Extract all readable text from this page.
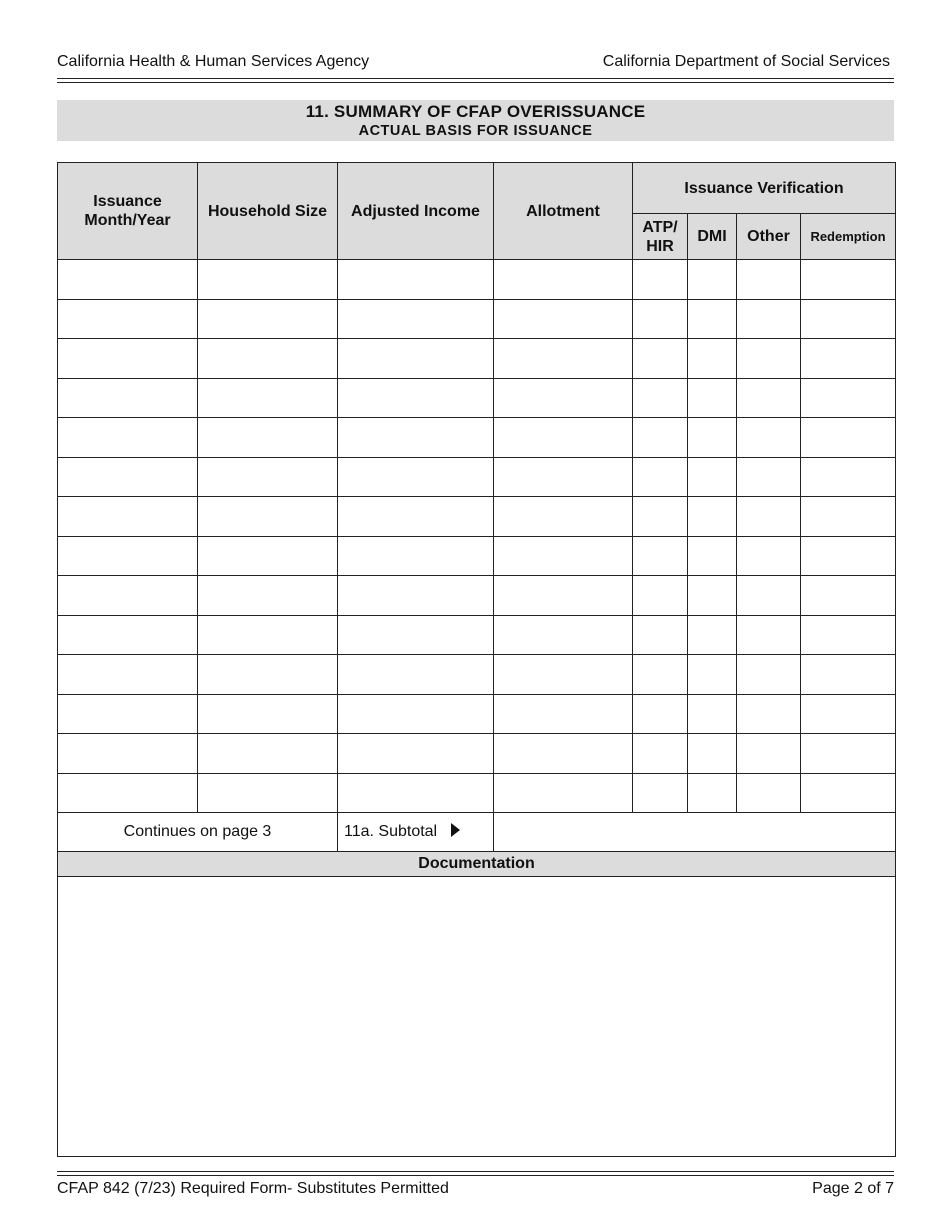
California Health & Human Services Agency	California Department of Social Services
11. SUMMARY OF CFAP OVERISSUANCE
ACTUAL BASIS FOR ISSUANCE
Issuance Month/Year	Household Size	Adjusted Income	Allotment	Issuance Verification			
				ATP/ HIR	DMI	Other	Redemption

Continues on page 3		11a. Subtotal					
Documentation							

CFAP 842 (7/23) Required Form- Substitutes Permitted	Page 2 of 7
